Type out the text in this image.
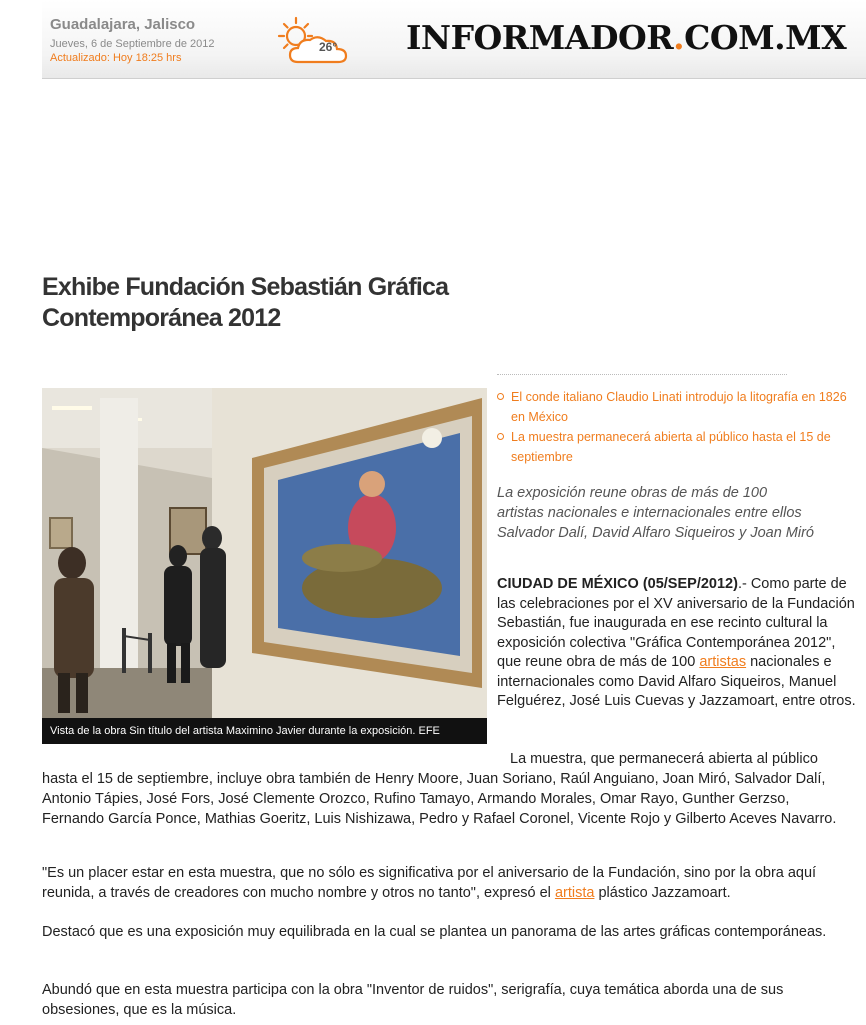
Guadalajara, Jalisco
Jueves, 6 de Septiembre de 2012
Actualizado: Hoy 18:25 hrs
26° INFORMADOR.COM.MX
Exhibe Fundación Sebastián Gráfica Contemporánea 2012
Vista de la obra Sin título del artista Maximino Javier durante la exposición. EFE
El conde italiano Claudio Linati introdujo la litografía en 1826 en México
La muestra permanecerá abierta al público hasta el 15 de septiembre

La exposición reune obras de más de 100 artistas nacionales e internacionales entre ellos Salvador Dalí, David Alfaro Siqueiros y Joan Miró

CIUDAD DE MÉXICO (05/SEP/2012).- Como parte de las celebraciones por el XV aniversario de la Fundación Sebastián, fue inaugurada en ese recinto cultural la exposición colectiva "Gráfica Contemporánea 2012", que reune obra de más de 100 artistas nacionales e internacionales como David Alfaro Siqueiros, Manuel Felguérez, José Luis Cuevas y Jazzamoart, entre otros.

La muestra, que permanecerá abierta al público hasta el 15 de septiembre, incluye obra también de Henry Moore, Juan Soriano, Raúl Anguiano, Joan Miró, Salvador Dalí, Antonio Tápies, José Fors, José Clemente Orozco, Rufino Tamayo, Armando Morales, Omar Rayo, Gunther Gerzso, Fernando García Ponce, Mathias Goeritz, Luis Nishizawa, Pedro y Rafael Coronel, Vicente Rojo y Gilberto Aceves Navarro.

"Es un placer estar en esta muestra, que no sólo es significativa por el aniversario de la Fundación, sino por la obra aquí reunida, a través de creadores con mucho nombre y otros no tanto", expresó el artista plástico Jazzamoart.

Destacó que es una exposición muy equilibrada en la cual se plantea un panorama de las artes gráficas contemporáneas.

Abundó que en esta muestra participa con la obra "Inventor de ruidos", serigrafía, cuya temática aborda una de sus obsesiones, que es la música.
